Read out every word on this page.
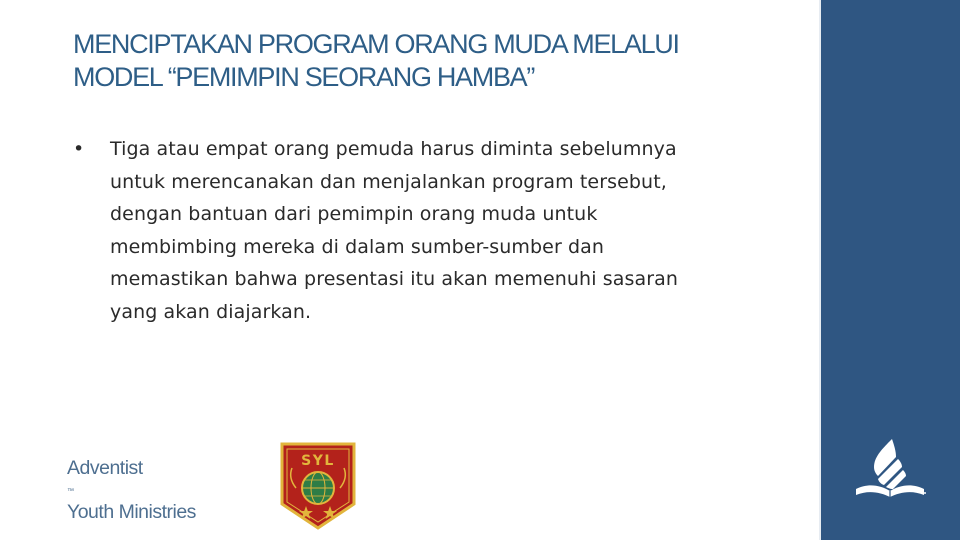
MENCIPTAKAN PROGRAM ORANG MUDA MELALUI
MODEL “PEMIMPIN SEORANG HAMBA”
• Tiga atau empat orang pemuda harus diminta sebelumnya
untuk merencanakan dan menjalankan program tersebut,
dengan bantuan dari pemimpin orang muda untuk
membimbing mereka di dalam sumber-sumber dan
memastikan bahwa presentasi itu akan memenuhi sasaran
yang akan diajarkan.
Adventist
™
Youth Ministries
SYL
